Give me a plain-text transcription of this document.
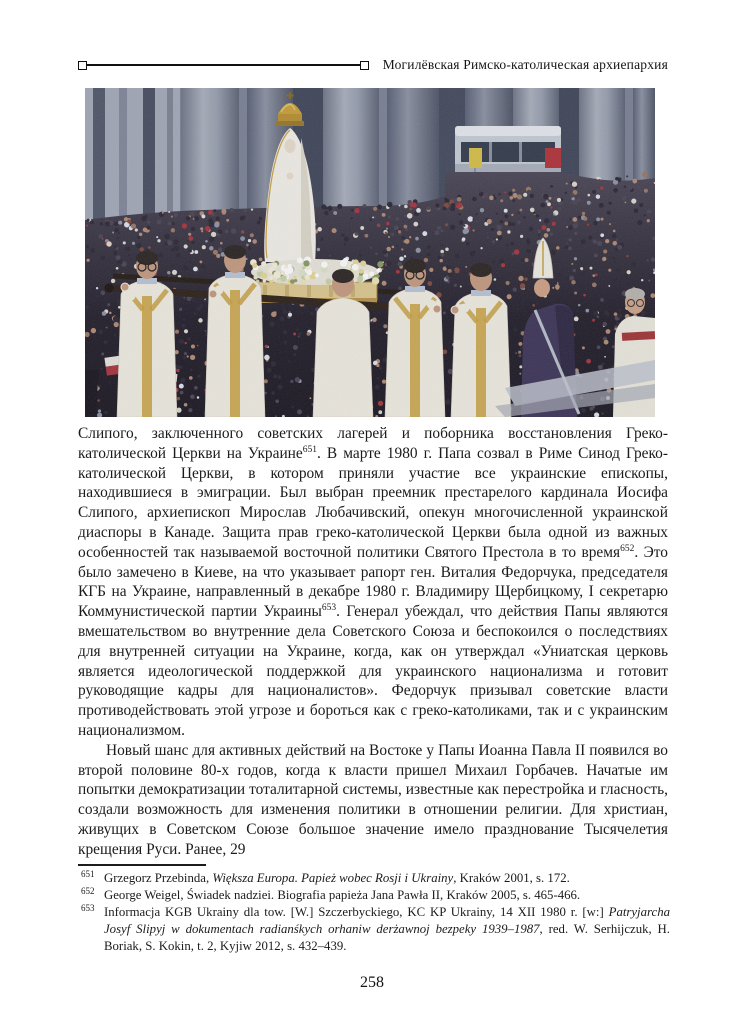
Могилёвская Римско-католическая архиепархия

Слипого, заключенного советских лагерей и поборника восстановления Греко-католической Церкви на Украине$^{651}$. В марте 1980 г. Папа созвал в Риме Синод Греко-католической Церкви, в котором приняли участие все украинские епископы, находившиеся в эмиграции. Был выбран преемник престарелого кардинала Иосифа Слипого, архиепископ Мирослав Любачивский, опекун многочисленной украинской диаспоры в Канаде. Защита прав греко-католической Церкви была одной из важных особенностей так называемой восточной политики Святого Престола в то время$^{652}$. Это было замечено в Киеве, на что указывает рапорт ген. Виталия Федорчука, председателя КГБ на Украине, направленный в декабре 1980 г. Владимиру Щербицкому, I секретарю Коммунистической партии Украины$^{653}$. Генерал убеждал, что действия Папы являются вмешательством во внутренние дела Советского Союза и беспокоился о последствиях для внутренней ситуации на Украине, когда, как он утверждал «Униатская церковь является идеологической поддержкой для украинского национализма и готовит руководящие кадры для националистов». Федорчук призывал советские власти противодействовать этой угрозе и бороться как с греко-католиками, так и с украинским национализмом.

Новый шанс для активных действий на Востоке у Папы Иоанна Павла II появился во второй половине 80-х годов, когда к власти пришел Михаил Горбачев. Начатые им попытки демократизации тоталитарной системы, известные как перестройка и гласность, создали возможность для изменения политики в отношении религии. Для христиан, живущих в Советском Союзе большое значение имело празднование Тысячелетия крещения Руси. Ранее, 29

651 Grzegorz Przebinda, Większa Europa. Papież wobec Rosji i Ukrainy, Kraków 2001, s. 172.
652 George Weigel, Świadek nadziei. Biografia papieża Jana Pawła II, Kraków 2005, s. 465-466.
653 Informacja KGB Ukrainy dla tow. [W.] Szczerbyckiego, KC KP Ukrainy, 14 XII 1980 r. [w:] Patryjarcha Josyf Slipyj w dokumentach radianśkych orhaniw derżawnoj bezpeky 1939–1987, red. W. Serhijczuk, H. Boriak, S. Kokin, t. 2, Kyjiw 2012, s. 432–439.
258
